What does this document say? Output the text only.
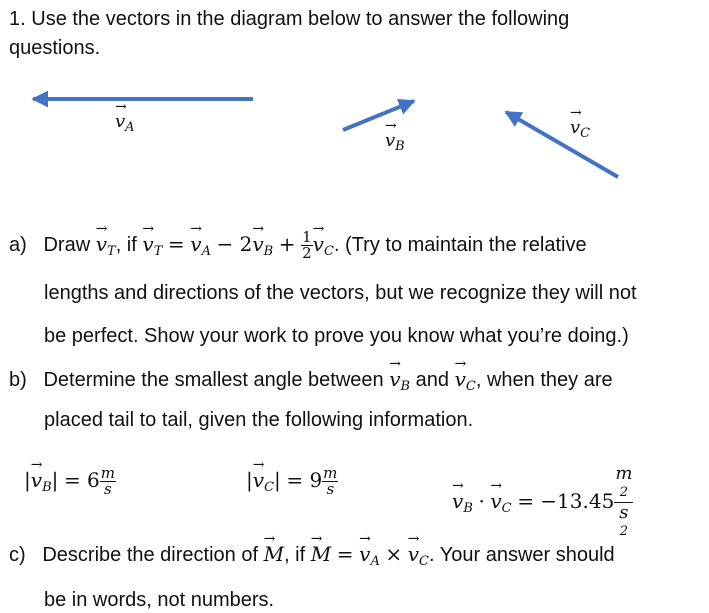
1. Use the vectors in the diagram below to answer the following
questions.
→ $v_A$
→ $v_B$
→ $v_C$
a) Draw → $v_T$, if → $v_T$ = → $v_A - 2\to v_B + \frac{1}{2}$
→ $v_C$. (Try to maintain the relative
lengths and directions of the vectors, but we recognize they will not
be perfect. Show your work to prove you know what you’re doing.)
b) Determine the smallest angle between → $v_B$ and → $v_C$, when they are
placed tail to tail, given the following information.
|→ $v_B| = 6 \frac{m}{s}$	|→ $v_C| = 9 \frac{m}{s}$
→ $v_B$ · → $v_C = -13.45$ m
2
s
2
c) Describe the direction of → M, if → M = → $v_A$ × → $v_C$. Your answer should
be in words, not numbers.
